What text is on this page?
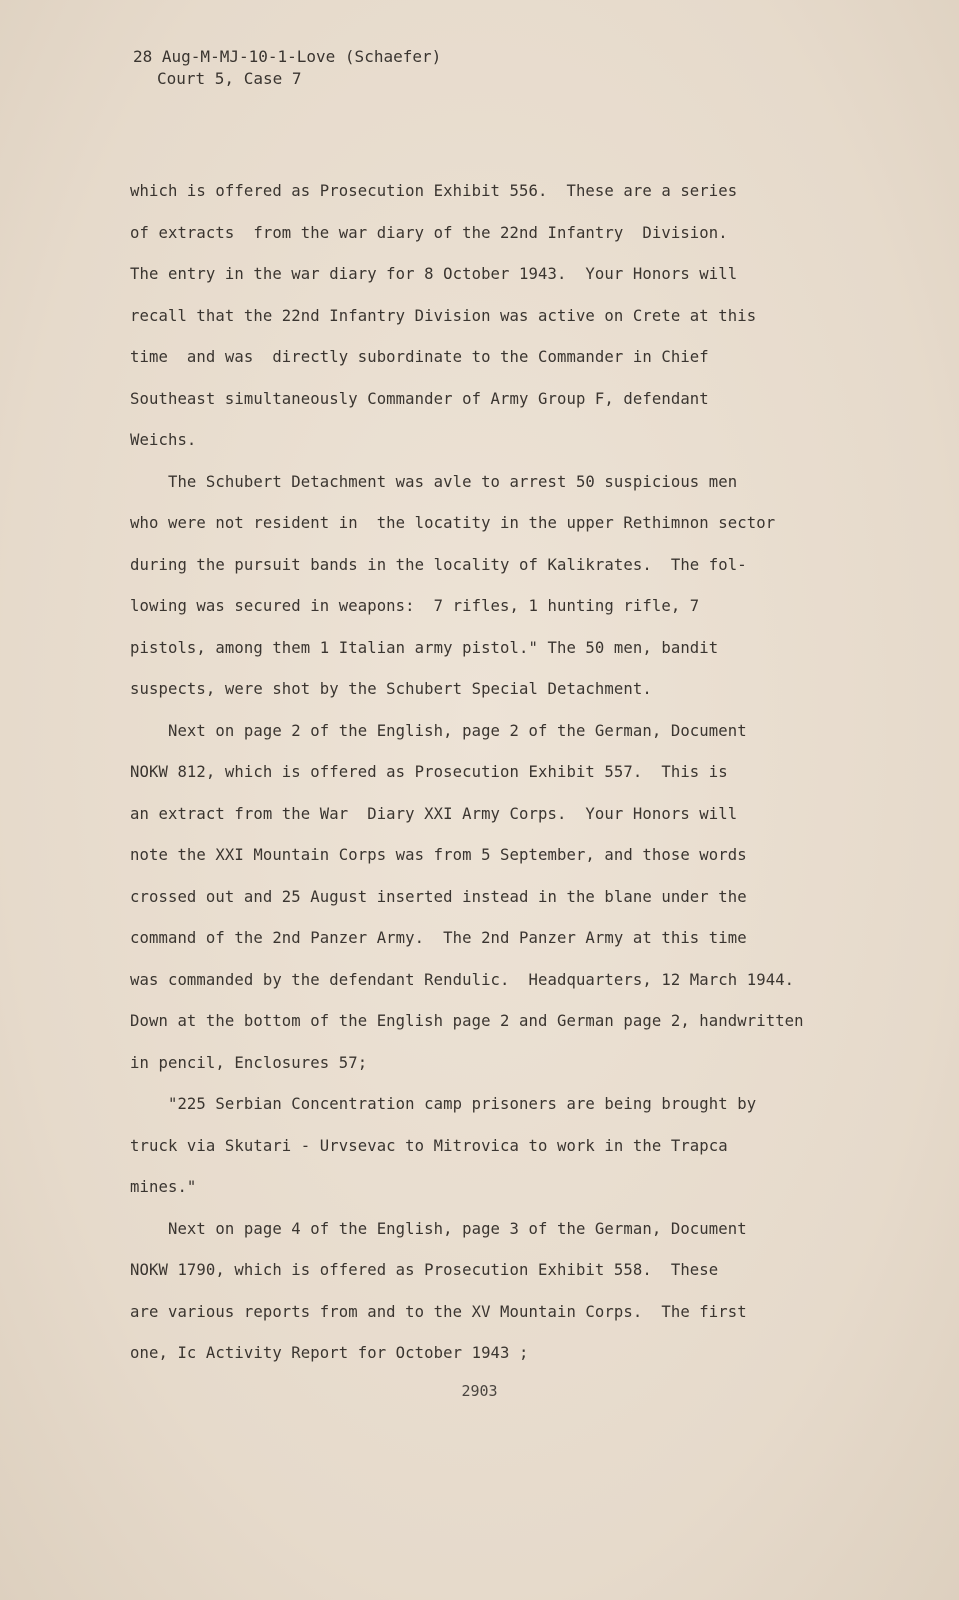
28 Aug-M-MJ-10-1-Love (Schaefer)
Court 5, Case 7
which is offered as Prosecution Exhibit 556.  These are a series
of extracts  from the war diary of the 22nd Infantry  Division.
The entry in the war diary for 8 October 1943.  Your Honors will
recall that the 22nd Infantry Division was active on Crete at this
time  and was  directly subordinate to the Commander in Chief
Southeast simultaneously Commander of Army Group F, defendant
Weichs.
The Schubert Detachment was avle to arrest 50 suspicious men
who were not resident in  the locatity in the upper Rethimnon sector
during the pursuit bands in the locality of Kalikrates.  The fol-
lowing was secured in weapons:  7 rifles, 1 hunting rifle, 7
pistols, among them 1 Italian army pistol." The 50 men, bandit
suspects, were shot by the Schubert Special Detachment.
Next on page 2 of the English, page 2 of the German, Document
NOKW 812, which is offered as Prosecution Exhibit 557.  This is
an extract from the War  Diary XXI Army Corps.  Your Honors will
note the XXI Mountain Corps was from 5 September, and those words
crossed out and 25 August inserted instead in the blane under the
command of the 2nd Panzer Army.  The 2nd Panzer Army at this time
was commanded by the defendant Rendulic.  Headquarters, 12 March 1944.
Down at the bottom of the English page 2 and German page 2, handwritten
in pencil, Enclosures 57;
"225 Serbian Concentration camp prisoners are being brought by
truck via Skutari - Urvsevac to Mitrovica to work in the Trapca
mines."
Next on page 4 of the English, page 3 of the German, Document
NOKW 1790, which is offered as Prosecution Exhibit 558.  These
are various reports from and to the XV Mountain Corps.  The first
one, Ic Activity Report for October 1943 ;
2903
